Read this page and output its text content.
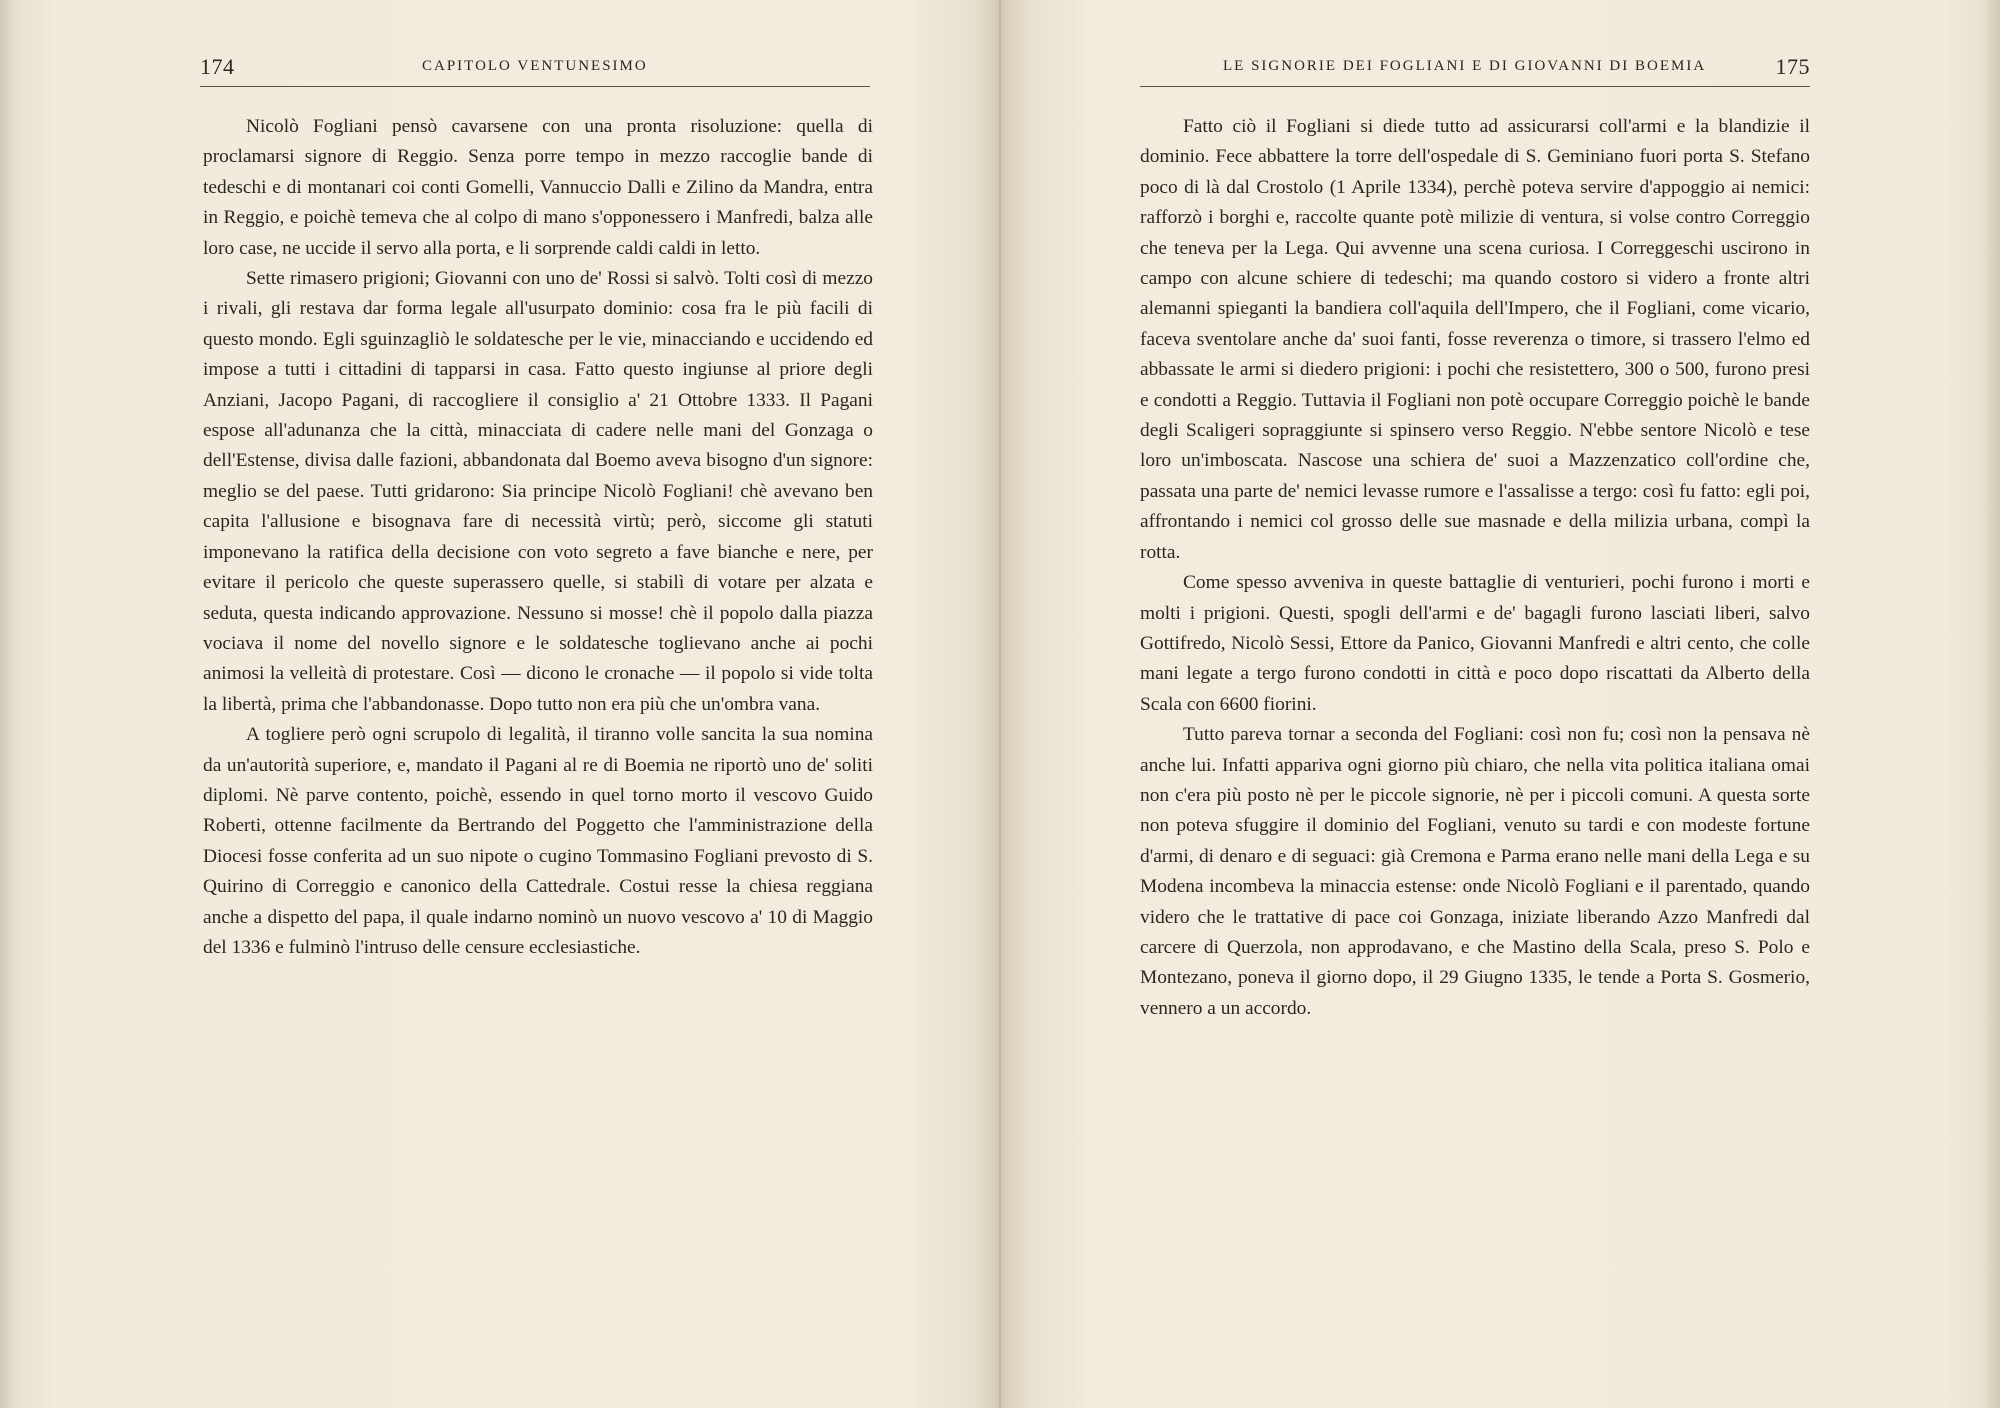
174	CAPITOLO VENTUNESIMO

Nicolò Fogliani pensò cavarsene con una pronta risoluzione: quella di proclamarsi signore di Reggio. Senza porre tempo in mezzo raccoglie bande di tedeschi e di montanari coi conti Gomelli, Vannuccio Dalli e Zilino da Mandra, entra in Reggio, e poichè temeva che al colpo di mano s'opponessero i Manfredi, balza alle loro case, ne uccide il servo alla porta, e li sorprende caldi caldi in letto.

Sette rimasero prigioni; Giovanni con uno de' Rossi si salvò. Tolti così di mezzo i rivali, gli restava dar forma legale all'usurpato dominio: cosa fra le più facili di questo mondo. Egli sguinzagliò le soldatesche per le vie, minacciando e uccidendo ed impose a tutti i cittadini di tapparsi in casa. Fatto questo ingiunse al priore degli Anziani, Jacopo Pagani, di raccogliere il consiglio a' 21 Ottobre 1333. Il Pagani espose all'adunanza che la città, minacciata di cadere nelle mani del Gonzaga o dell'Estense, divisa dalle fazioni, abbandonata dal Boemo aveva bisogno d'un signore: meglio se del paese. Tutti gridarono: Sia principe Nicolò Fogliani! chè avevano ben capita l'allusione e bisognava fare di necessità virtù; però, siccome gli statuti imponevano la ratifica della decisione con voto segreto a fave bianche e nere, per evitare il pericolo che queste superassero quelle, si stabilì di votare per alzata e seduta, questa indicando approvazione. Nessuno si mosse! chè il popolo dalla piazza vociava il nome del novello signore e le soldatesche toglievano anche ai pochi animosi la velleità di protestare. Così — dicono le cronache — il popolo si vide tolta la libertà, prima che l'abbandonasse. Dopo tutto non era più che un'ombra vana.

A togliere però ogni scrupolo di legalità, il tiranno volle sancita la sua nomina da un'autorità superiore, e, mandato il Pagani al re di Boemia ne riportò uno de' soliti diplomi. Nè parve contento, poichè, essendo in quel torno morto il vescovo Guido Roberti, ottenne facilmente da Bertrando del Poggetto che l'amministrazione della Diocesi fosse conferita ad un suo nipote o cugino Tommasino Fogliani prevosto di S. Quirino di Correggio e canonico della Cattedrale. Costui resse la chiesa reggiana anche a dispetto del papa, il quale indarno nominò un nuovo vescovo a' 10 di Maggio del 1336 e fulminò l'intruso delle censure ecclesiastiche.

LE SIGNORIE DEI FOGLIANI E DI GIOVANNI DI BOEMIA	175

Fatto ciò il Fogliani si diede tutto ad assicurarsi coll'armi e la blandizie il dominio. Fece abbattere la torre dell'ospedale di S. Geminiano fuori porta S. Stefano poco di là dal Crostolo (1 Aprile 1334), perchè poteva servire d'appoggio ai nemici: rafforzò i borghi e, raccolte quante potè milizie di ventura, si volse contro Correggio che teneva per la Lega. Qui avvenne una scena curiosa. I Correggeschi uscirono in campo con alcune schiere di tedeschi; ma quando costoro si videro a fronte altri alemanni spieganti la bandiera coll'aquila dell'Impero, che il Fogliani, come vicario, faceva sventolare anche da' suoi fanti, fosse reverenza o timore, si trassero l'elmo ed abbassate le armi si diedero prigioni: i pochi che resistettero, 300 o 500, furono presi e condotti a Reggio. Tuttavia il Fogliani non potè occupare Correggio poichè le bande degli Scaligeri sopraggiunte si spinsero verso Reggio. N'ebbe sentore Nicolò e tese loro un'imboscata. Nascose una schiera de' suoi a Mazzenzatico coll'ordine che, passata una parte de' nemici levasse rumore e l'assalisse a tergo: così fu fatto: egli poi, affrontando i nemici col grosso delle sue masnade e della milizia urbana, compì la rotta.

Come spesso avveniva in queste battaglie di venturieri, pochi furono i morti e molti i prigioni. Questi, spogli dell'armi e de' bagagli furono lasciati liberi, salvo Gottifredo, Nicolò Sessi, Ettore da Panico, Giovanni Manfredi e altri cento, che colle mani legate a tergo furono condotti in città e poco dopo riscattati da Alberto della Scala con 6600 fiorini.

Tutto pareva tornar a seconda del Fogliani: così non fu; così non la pensava nè anche lui. Infatti appariva ogni giorno più chiaro, che nella vita politica italiana omai non c'era più posto nè per le piccole signorie, nè per i piccoli comuni. A questa sorte non poteva sfuggire il dominio del Fogliani, venuto su tardi e con modeste fortune d'armi, di denaro e di seguaci: già Cremona e Parma erano nelle mani della Lega e su Modena incombeva la minaccia estense: onde Nicolò Fogliani e il parentado, quando videro che le trattative di pace coi Gonzaga, iniziate liberando Azzo Manfredi dal carcere di Querzola, non approdavano, e che Mastino della Scala, preso S. Polo e Montezano, poneva il giorno dopo, il 29 Giugno 1335, le tende a Porta S. Gosmerio, vennero a un accordo.
